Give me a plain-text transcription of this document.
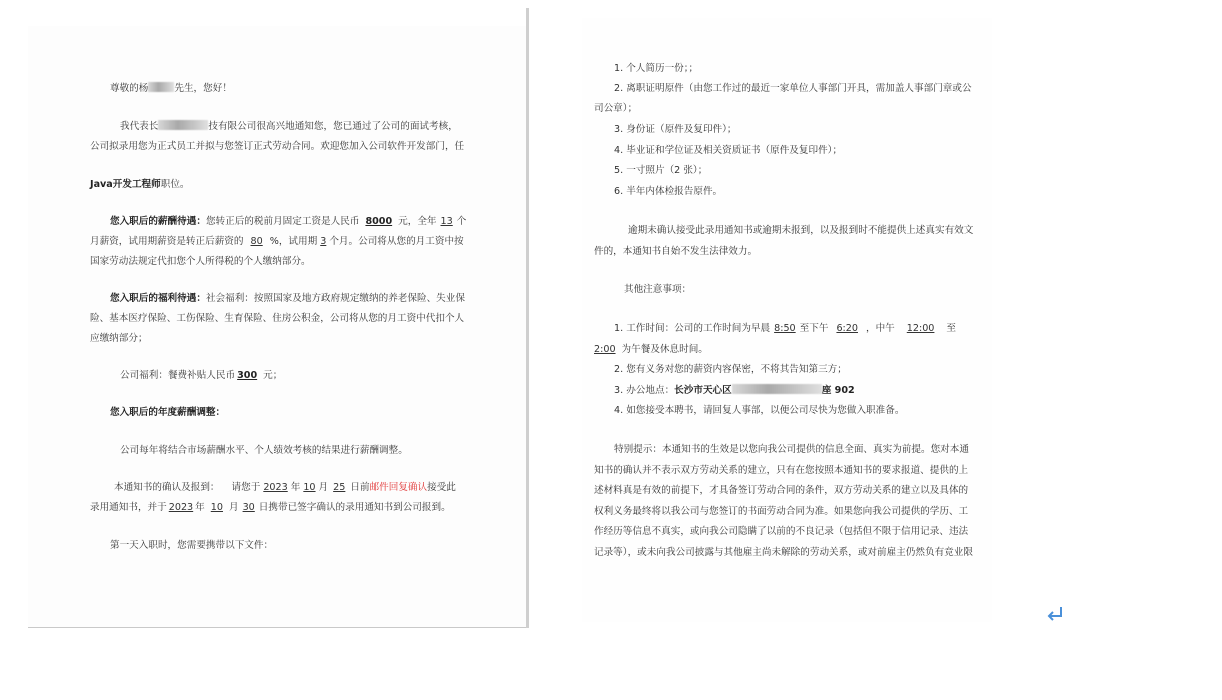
尊敬的杨	先生，您好！
我代表长	技有限公司很高兴地通知您，您已通过了公司的面试考核，
公司拟录用您为正式员工并拟与您签订正式劳动合同。欢迎您加入公司软件开发部门，任
Java开发工程师职位。
您入职后的薪酬待遇：您转正后的税前月固定工资是人民币 8000 元，全年 13 个
月薪资，试用期薪资是转正后薪资的 80 %，试用期 3 个月。公司将从您的月工资中按
国家劳动法规定代扣您个人所得税的个人缴纳部分。
您入职后的福利待遇：社会福利：按照国家及地方政府规定缴纳的养老保险、失业保
险、基本医疗保险、工伤保险、生育保险、住房公积金，公司将从您的月工资中代扣个人
应缴纳部分；
公司福利：餐费补贴人民币 300 元；
您入职后的年度薪酬调整：
公司每年将结合市场薪酬水平、个人绩效考核的结果进行薪酬调整。
本通知书的确认及报到： 请您于 2023 年 10 月 25 日前邮件回复确认接受此
录用通知书，并于 2023 年 10 月 30 日携带已签字确认的录用通知书到公司报到。
第一天入职时，您需要携带以下文件：
1. 个人简历一份；；
2. 离职证明原件（由您工作过的最近一家单位人事部门开具，需加盖人事部门章或公
司公章）；
3. 身份证（原件及复印件）；
4. 毕业证和学位证及相关资质证书（原件及复印件）；
5. 一寸照片（2 张）；
6. 半年内体检报告原件。
逾期未确认接受此录用通知书或逾期未报到，以及报到时不能提供上述真实有效文
件的，本通知书自始不发生法律效力。
其他注意事项：
1. 工作时间：公司的工作时间为早晨 8:50 至下午 6:20 ，中午 12:00 至
2:00 为午餐及休息时间。
2. 您有义务对您的薪资内容保密，不将其告知第三方；
3. 办公地点：长沙市天心区	座 902
4. 如您接受本聘书，请回复人事部，以便公司尽快为您做入职准备。
特别提示：本通知书的生效是以您向我公司提供的信息全面、真实为前提。您对本通
知书的确认并不表示双方劳动关系的建立，只有在您按照本通知书的要求报道、提供的上
述材料真是有效的前提下，才具备签订劳动合同的条件，双方劳动关系的建立以及具体的
权利义务最终将以我公司与您签订的书面劳动合同为准。如果您向我公司提供的学历、工
作经历等信息不真实，或向我公司隐瞒了以前的不良记录（包括但不限于信用记录、违法
记录等），或未向我公司披露与其他雇主尚未解除的劳动关系，或对前雇主仍然负有竞业限
